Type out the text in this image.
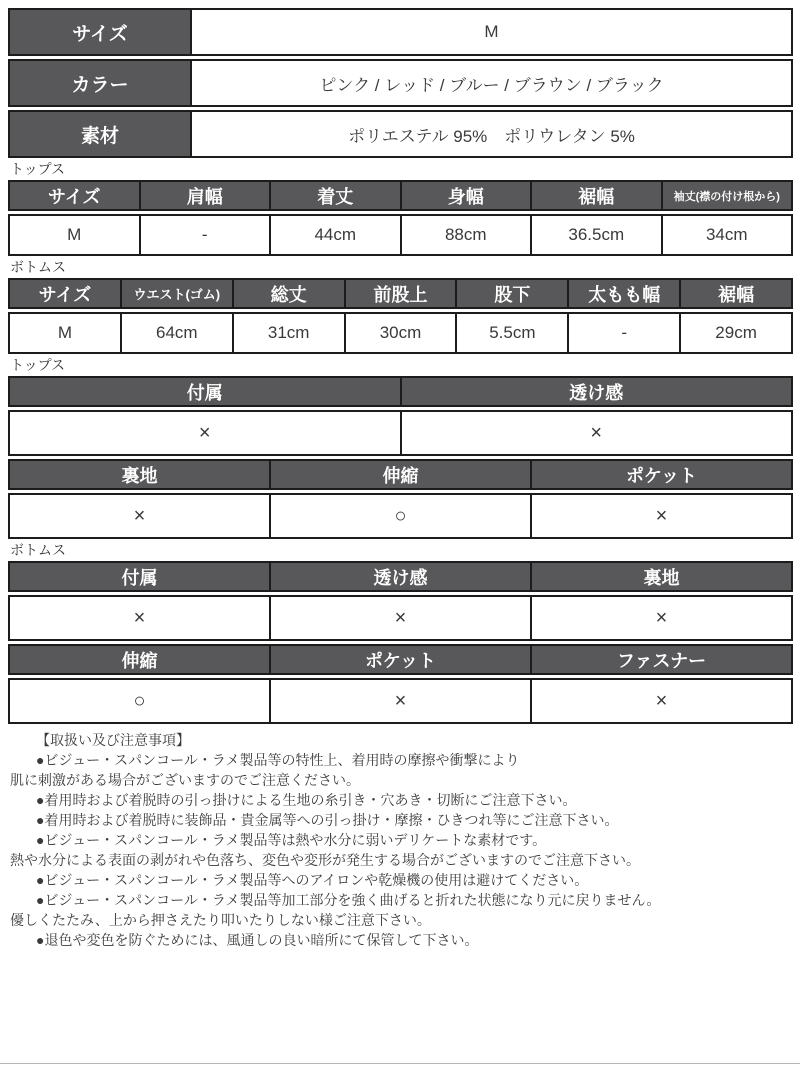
サイズ	M
カラー	ピンク / レッド / ブルー / ブラウン / ブラック
素材	ポリエステル 95%　ポリウレタン 5%
トップス
サイズ	肩幅	着丈	身幅	裾幅	袖丈(襟の付け根から)
M	-	44cm	88cm	36.5cm	34cm
ボトムス
サイズ	ウエスト(ゴム)	総丈	前股上	股下	太もも幅	裾幅
M	64cm	31cm	30cm	5.5cm	-	29cm
トップス
付属	透け感
×	×
裏地	伸縮	ポケット
×	○	×
ボトムス
付属	透け感	裏地
×	×	×
伸縮	ポケット	ファスナー
○	×	×
【取扱い及び注意事項】
●ビジュー・スパンコール・ラメ製品等の特性上、着用時の摩擦や衝撃により
肌に刺激がある場合がございますのでご注意ください。
●着用時および着脱時の引っ掛けによる生地の糸引き・穴あき・切断にご注意下さい。
●着用時および着脱時に装飾品・貴金属等への引っ掛け・摩擦・ひきつれ等にご注意下さい。
●ビジュー・スパンコール・ラメ製品等は熱や水分に弱いデリケートな素材です。
熱や水分による表面の剥がれや色落ち、変色や変形が発生する場合がございますのでご注意下さい。
●ビジュー・スパンコール・ラメ製品等へのアイロンや乾燥機の使用は避けてください。
●ビジュー・スパンコール・ラメ製品等加工部分を強く曲げると折れた状態になり元に戻りません。
優しくたたみ、上から押さえたり叩いたりしない様ご注意下さい。
●退色や変色を防ぐためには、風通しの良い暗所にて保管して下さい。
